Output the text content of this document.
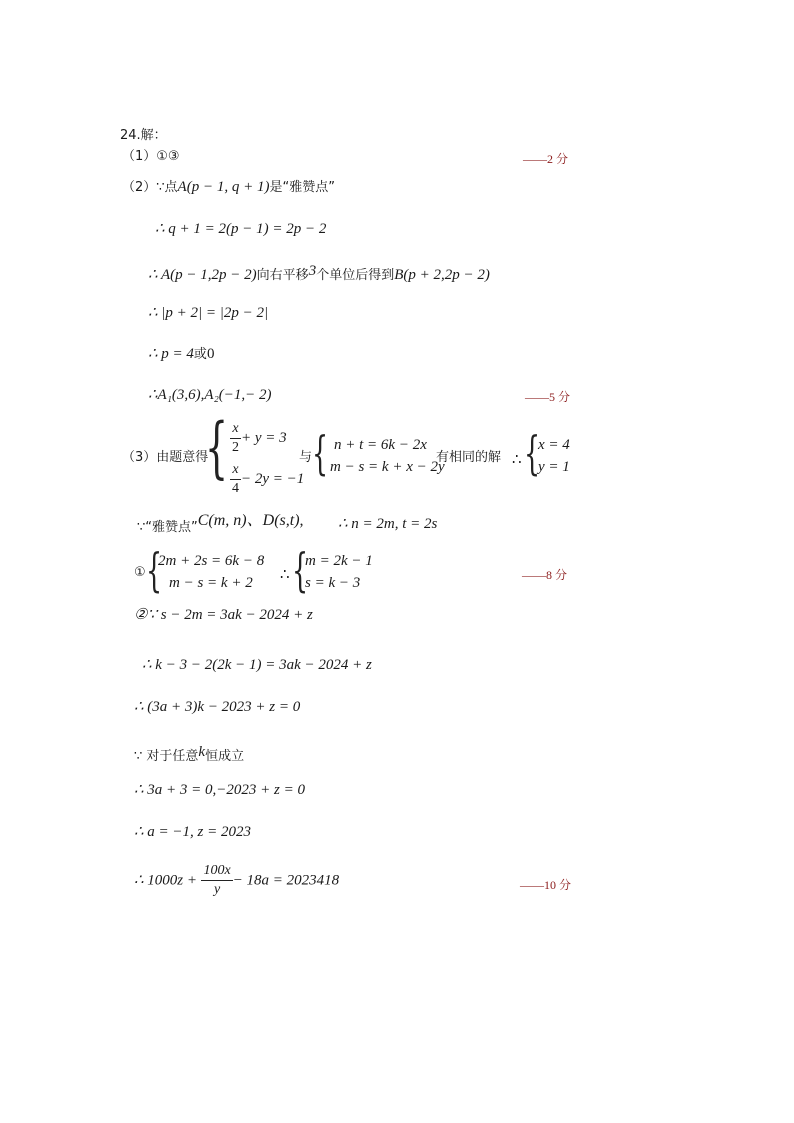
24.解：
（1）①③	——2 分
（2）∵点A(p − 1, q + 1)是“雅赞点”
∴ q + 1 = 2(p − 1) = 2p − 2
∴ A(p − 1,2p − 2)向右平移3个单位后得到B(p + 2,2p − 2)
∴ |p + 2| = |2p − 2|
∴ p = 4或0
∴A₁(3,6),A₂(−1,− 2)	——5 分
（3）由题意得
{ $\frac{x}{2} + y = 3$
$\frac{x}{4} - 2y = -1$
与 { n + t = 6k − 2x
m − s = k + x − 2y
有相同的解 ∴ {
x = 4
y = 1
∵“雅赞点”C(m, n)、D(s,t), ∴ n = 2m, t = 2s
① {
2m + 2s = 6k − 8
m − s = k + 2	∴ {
m = 2k − 1
s = k − 3	——8 分
②∵ s − 2m = 3ak − 2024 + z
∴ k − 3 − 2(2k − 1) = 3ak − 2024 + z
∴ (3a + 3)k − 2023 + z = 0
∵ 对于任意k恒成立
∴ 3a + 3 = 0,−2023 + z = 0
∴ a = −1, z = 2023
∴ $1000z + \frac{100x}{y} - 18a = 2023418$	——10 分
